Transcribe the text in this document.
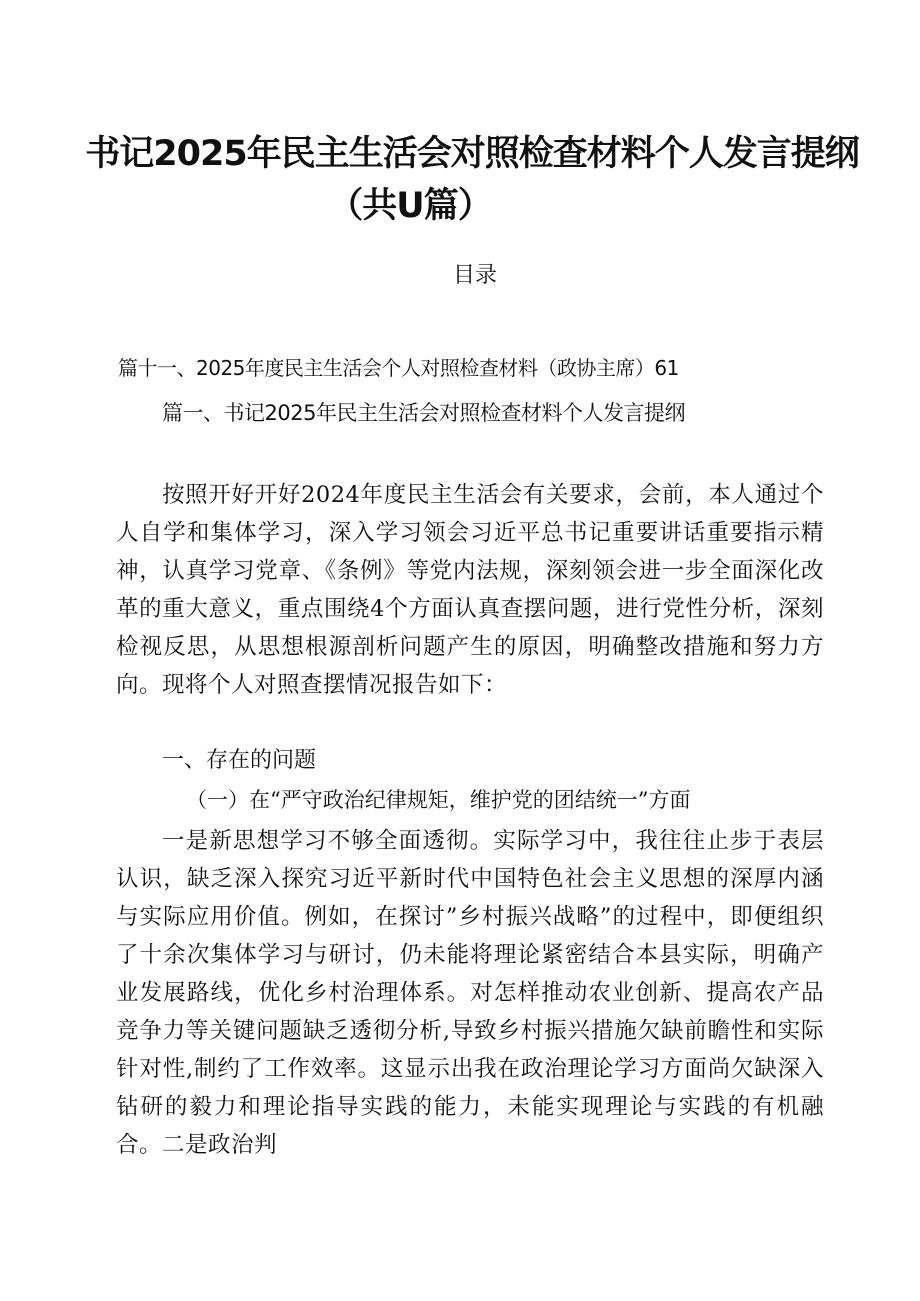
书记2025年民主生活会对照检查材料个人发言提纲
（共U篇）
目录
篇十一、2025年度民主生活会个人对照检查材料（政协主席）61
篇一、书记2025年民主生活会对照检查材料个人发言提纲

按照开好开好2024年度民主生活会有关要求，会前，本人通过个人自学和集体学习，深入学习领会习近平总书记重要讲话重要指示精神，认真学习党章、《条例》等党内法规，深刻领会进一步全面深化改革的重大意义，重点围绕4个方面认真查摆问题，进行党性分析，深刻检视反思，从思想根源剖析问题产生的原因，明确整改措施和努力方向。现将个人对照查摆情况报告如下：

一、存在的问题
（一）在“严守政治纪律规矩，维护党的团结统一”方面

一是新思想学习不够全面透彻。实际学习中，我往往止步于表层认识，缺乏深入探究习近平新时代中国特色社会主义思想的深厚内涵与实际应用价值。例如，在探讨”乡村振兴战略”的过程中，即便组织了十余次集体学习与研讨，仍未能将理论紧密结合本县实际，明确产业发展路线，优化乡村治理体系。对怎样推动农业创新、提高农产品竞争力等关键问题缺乏透彻分析,导致乡村振兴措施欠缺前瞻性和实际针对性,制约了工作效率。这显示出我在政治理论学习方面尚欠缺深入钻研的毅力和理论指导实践的能力，未能实现理论与实践的有机融合。二是政治判
